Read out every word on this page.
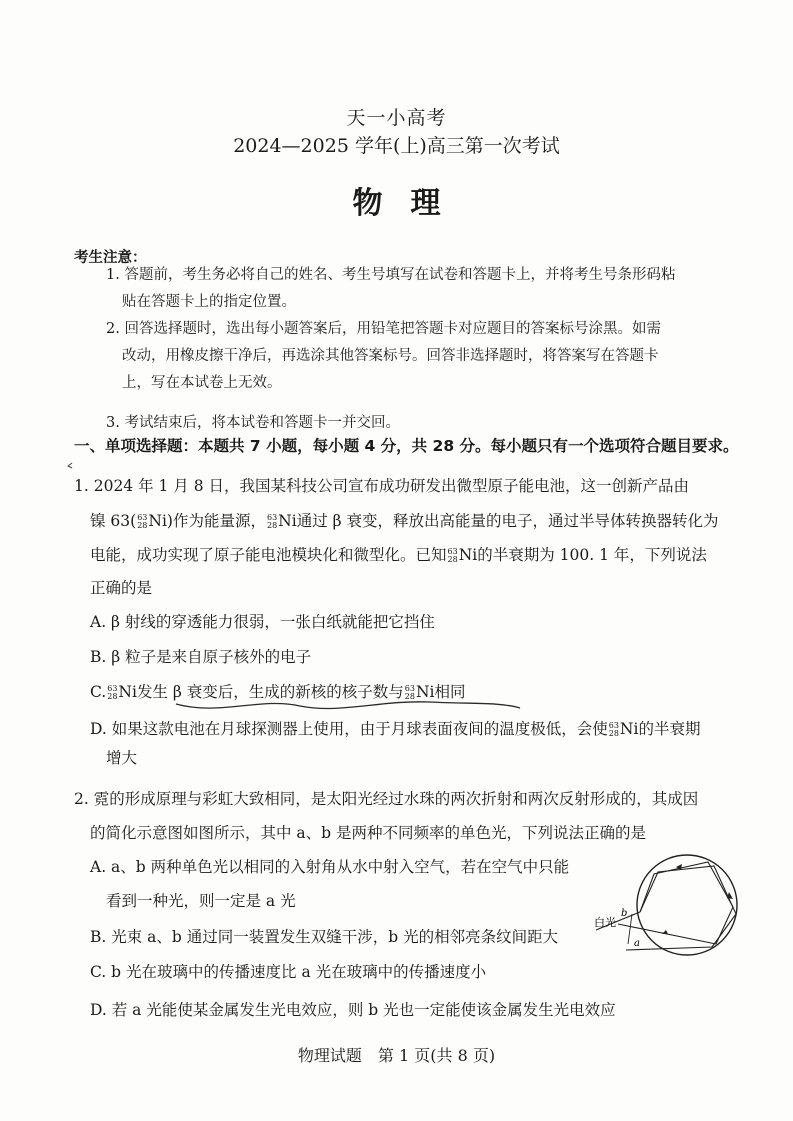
天一小高考
2024—2025 学年(上)高三第一次考试
物理
考生注意：
1. 答题前，考生务必将自己的姓名、考生号填写在试卷和答题卡上，并将考生号条形码粘
贴在答题卡上的指定位置。
2. 回答选择题时，选出每小题答案后，用铅笔把答题卡对应题目的答案标号涂黑。如需
改动，用橡皮擦干净后，再选涂其他答案标号。回答非选择题时，将答案写在答题卡
上，写在本试卷上无效。
3. 考试结束后，将本试卷和答题卡一并交回。
一、单项选择题：本题共 7 小题，每小题 4 分，共 28 分。每小题只有一个选项符合题目要求。
1. 2024 年 1 月 8 日，我国某科技公司宣布成功研发出微型原子能电池，这一创新产品由
镍 63( 63
28 Ni)作为能量源， 63
28 Ni通过 β 衰变，释放出高能量的电子，通过半导体转换器转化为
电能，成功实现了原子能电池模块化和微型化。已知 63
28 Ni的半衰期为 100. 1 年，下列说法
正确的是
A. β 射线的穿透能力很弱，一张白纸就能把它挡住
B. β 粒子是来自原子核外的电子
C. 63
28 Ni发生 β 衰变后，生成的新核的核子数与 63
28 Ni相同
D. 如果这款电池在月球探测器上使用，由于月球表面夜间的温度极低，会使 63
28 Ni的半衰期
增大
2. 霓的形成原理与彩虹大致相同，是太阳光经过水珠的两次折射和两次反射形成的，其成因
的简化示意图如图所示，其中 a、b 是两种不同频率的单色光，下列说法正确的是
A. a、b 两种单色光以相同的入射角从水中射入空气，若在空气中只能
看到一种光，则一定是 a 光
B. 光束 a、b 通过同一装置发生双缝干涉，b 光的相邻亮条纹间距大
C. b 光在玻璃中的传播速度比 a 光在玻璃中的传播速度小
D. 若 a 光能使某金属发生光电效应，则 b 光也一定能使该金属发生光电效应
白光
b
a
物理试题　第 1 页(共 8 页)
